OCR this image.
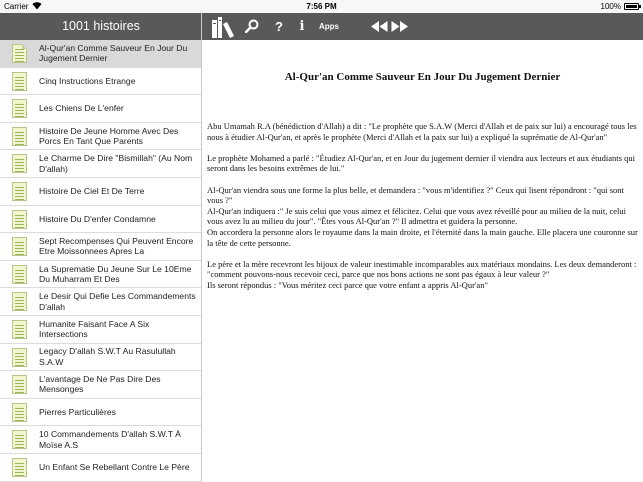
Carrier	7:56 PM	100%
1001 histoires	? i	Apps
Al-Qur'an Comme Sauveur En Jour Du Jugement Dernier
Cinq Instructions Etrange
Les Chiens De L'enfer
Histoire De Jeune Homme Avec Des Porcs En Tant Que Parents
Le Charme De Dire "Bismillah" (Au Nom D'allah)
Histoire De Ciel Et De Terre
Histoire Du D'enfer Condamne
Sept Recompenses Qui Peuvent Encore Etre Moissonnees Apres La
La Suprematie Du Jeune Sur Le 10Eme Du Muharram Et Des
Le Desir Qui Defie Les Commandements D'allah
Humanite Faisant Face A Six Intersections
Legacy D'allah S.W.T Au Rasulullah S.A.W
L'avantage De Ne Pas Dire Des Mensonges
Pierres Particulières
10 Commandements D'allah S.W.T À Moïse A.S
Un Enfant Se Rebellant Contre Le Père
Al-Qur'an Comme Sauveur En Jour Du Jugement Dernier

Abu Umamah R.A (bénédiction d'Allah) a dit : "Le prophète que S.A.W (Merci d'Allah et de paix sur lui) a encouragé tous les nous à étudier Al-Qur'an, et après le prophète (Merci d'Allah et la paix sur lui) a expliqué la suprématie de Al-Qur'an"

Le prophète Mohamed a parlé : "Étudiez Al-Qur'an, et en Jour du jugement dernier il viendra aux lecteurs et aux étudiants qui seront dans les besoins extrêmes de lui."

Al-Qur'an viendra sous une forme la plus belle, et demandera : "vous m'identifiez ?" Ceux qui lisent répondront : "qui sont vous ?"

Al-Qur'an indiquera :" Je suis celui que vous aimez et félicitez. Celui que vous avez réveillé pour au milieu de la nuit, celui vous avez lu au milieu du jour". "Êtes vous Al-Qur'an ?" Il admettra et guidera la personne.

On accordera la personne alors le royaume dans la main droite, et l'éternité dans la main gauche. Elle placera une couronne sur la tête de cette personne.

Le père et la mère recevront les bijoux de valeur inestimable incomparables aux matériaux mondains. Les deux demanderont : "comment pouvons-nous recevoir ceci, parce que nos bons actions ne sont pas égaux à leur valeur ?"

Ils seront répondus : "Vous méritez ceci parce que votre enfant a appris Al-Qur'an"
